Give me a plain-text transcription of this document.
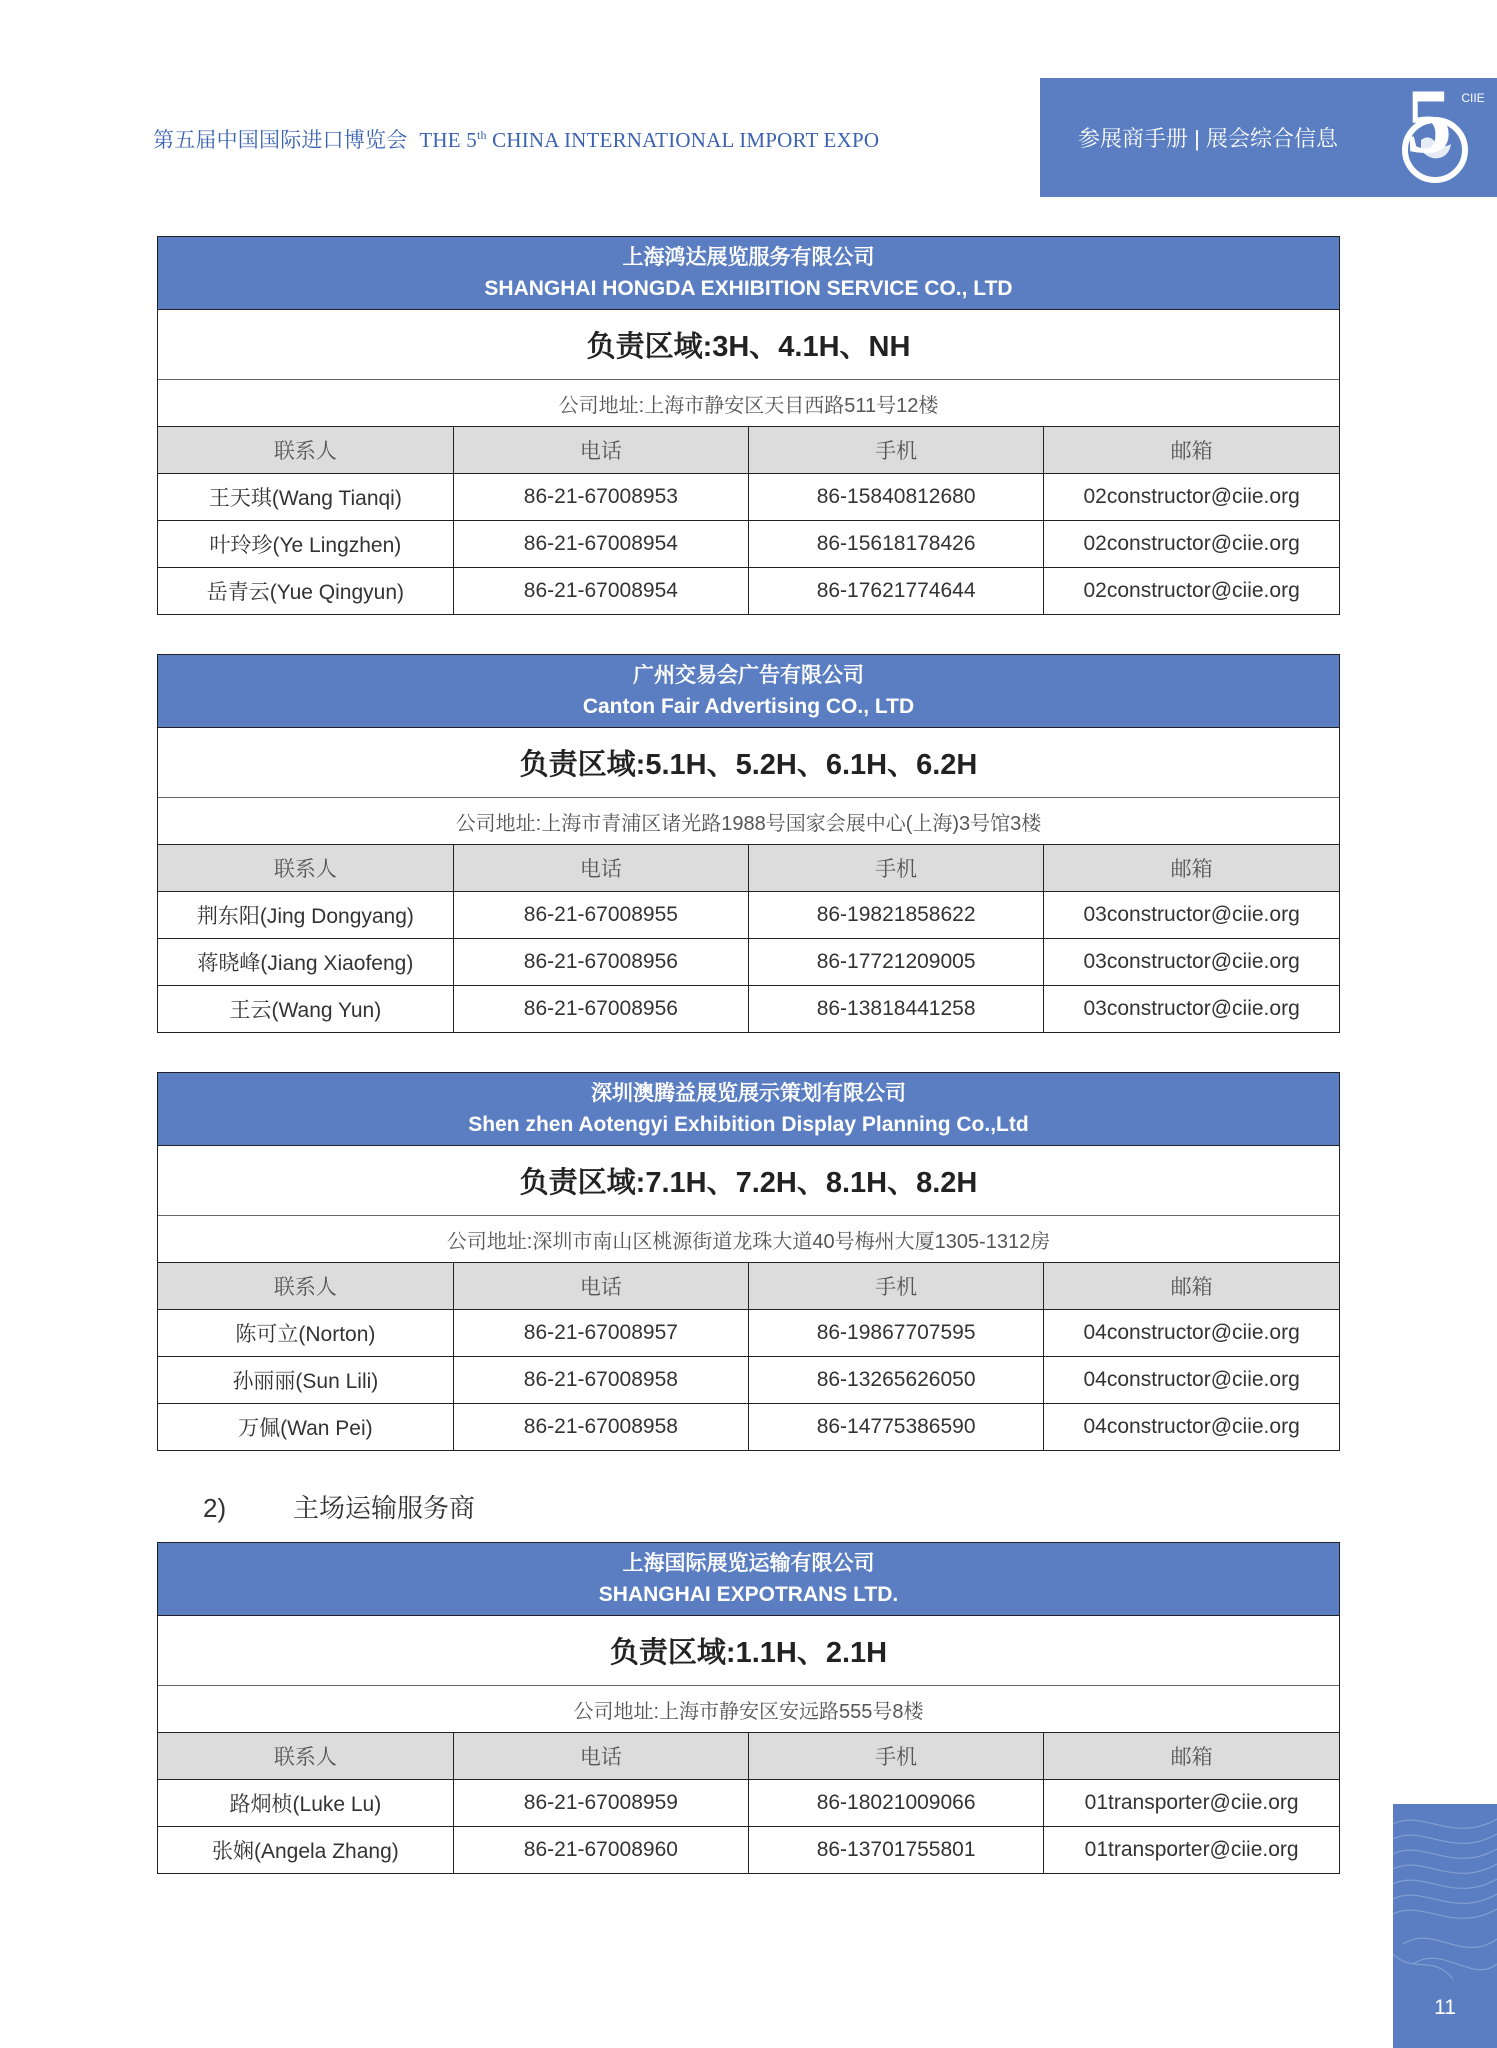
第五届中国国际进口博览会 THE 5th CHINA INTERNATIONAL IMPORT EXPO	参展商手册 | 展会综合信息 5 CIIE
上海鸿达展览服务有限公司
SHANGHAI HONGDA EXHIBITION SERVICE CO., LTD
负责区域:3H、4.1H、NH
公司地址:上海市静安区天目西路511号12楼
联系人	电话	手机	邮箱
王天琪(Wang Tianqi)	86-21-67008953	86-15840812680	02constructor@ciie.org
叶玲珍(Ye Lingzhen)	86-21-67008954	86-15618178426	02constructor@ciie.org
岳青云(Yue Qingyun)	86-21-67008954	86-17621774644	02constructor@ciie.org
广州交易会广告有限公司
Canton Fair Advertising CO., LTD
负责区域:5.1H、5.2H、6.1H、6.2H
公司地址:上海市青浦区诸光路1988号国家会展中心(上海)3号馆3楼
联系人	电话	手机	邮箱
荆东阳(Jing Dongyang)	86-21-67008955	86-19821858622	03constructor@ciie.org
蒋晓峰(Jiang Xiaofeng)	86-21-67008956	86-17721209005	03constructor@ciie.org
王云(Wang Yun)	86-21-67008956	86-13818441258	03constructor@ciie.org
深圳澳腾益展览展示策划有限公司
Shen zhen Aotengyi Exhibition Display Planning Co.,Ltd
负责区域:7.1H、7.2H、8.1H、8.2H
公司地址:深圳市南山区桃源街道龙珠大道40号梅州大厦1305-1312房
联系人	电话	手机	邮箱
陈可立(Norton)	86-21-67008957	86-19867707595	04constructor@ciie.org
孙丽丽(Sun Lili)	86-21-67008958	86-13265626050	04constructor@ciie.org
万佩(Wan Pei)	86-21-67008958	86-14775386590	04constructor@ciie.org
2)	主场运输服务商
上海国际展览运输有限公司
SHANGHAI EXPOTRANS LTD.
负责区域:1.1H、2.1H
公司地址:上海市静安区安远路555号8楼
联系人	电话	手机	邮箱
路炯桢(Luke Lu)	86-21-67008959	86-18021009066	01transporter@ciie.org
张娴(Angela Zhang)	86-21-67008960	86-13701755801	01transporter@ciie.org
11
